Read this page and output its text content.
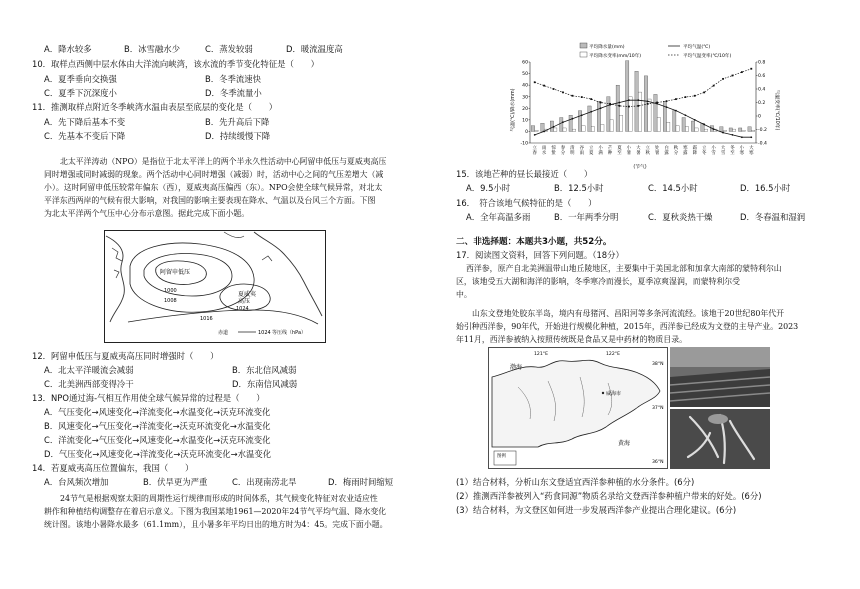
A．降水较多	B．冰雪融水少	C．蒸发较弱	D．暖流温度高
10．取样点西侧中层水体由大洋流向峡湾，该水流的季节变化特征是（　　）
A．夏季垂向交换强	B．冬季流速快
C．夏季下沉深度小	D．冬季流量小
11．推测取样点附近冬季峡湾水温由表层至底层的变化是（　　）
A．先下降后基本不变	B．先升高后下降
C．先基本不变后下降	D．持续缓慢下降
北太平洋涛动（NPO）是指位于北太平洋上的两个半永久性活动中心阿留申低压与夏威夷高压
同时增强或同时减弱的现象。两个活动中心同时增强（减弱）时，活动中心之间的气压差增大（减
小）。这时阿留申低压较常年偏东（西），夏威夷高压偏西（东）。NPO会使全球气候异常，对北太
平洋东西两岸的气候有很大影响，对我国的影响主要表现在降水、气温以及台风三个方面。下图
为北太平洋两个气压中心分布示意图。据此完成下面小题。
阿留申低压
夏威夷
高压
1000
1008
1024
1016
赤道	1024 等压线（hPa）
12．阿留申低压与夏威夷高压同时增强时（　　）
A．北太平洋暖流会减弱	B．东北信风减弱
C．北美洲西部变得冷干	D．东南信风减弱
13．NPO通过海-气相互作用使全球气候异常的过程是（　　）
A．气压变化→风速变化→洋流变化→水温变化→沃克环流变化
B．风速变化→气压变化→洋流变化→沃克环流变化→水温变化
C．洋流变化→气压变化→风速变化→水温变化→沃克环流变化
D．气压变化→风速变化→洋流变化→沃克环流变化→水温变化
14．若夏威夷高压位置偏东，我国（　　）
A．台风频次增加	B．伏旱更为严重	C．出现南涝北旱	D．梅雨时间缩短
24节气是根据观察太阳的周期性运行规律而形成的时间体系，其气候变化特征对农业适应性
耕作和种植结构调整存在着启示意义。下图为我国某地1961—2020年24节气平均气温、降水变化
统计图。该地小暑降水最多（61.1mm），且小暑多年平均日出的地方时为4：45。完成下面小题。
平均降水量(mm)
平均降水变率(mm/10年)
平均气温(℃)
平均气温变率(℃/10年)
气温(℃)/降水(mm)	气温变率(℃/10年)
60
50
40
30
20
10
0
-10
0.8
0.6
0.4
0.2
0
-0.2
-0.4
立春
雨水
惊蛰
春分
清明
谷雨
立夏
小满
芒种
夏至
小暑
大暑
立秋
处暑
白露
秋分
寒露
霜降
立冬
小雪
大雪
冬至
小寒
大寒
(节气)
15．该地芒种的昼长最接近（　　）
A．9.5小时	B．12.5小时	C．14.5小时	D．16.5小时
16．　符合该地气候特征的是（　　）
A．全年高温多雨	B．一年两季分明	C．夏秋炎热干燥	D．冬春温和湿润
二、非选择题：本题共3小题，共52分。
17．阅读图文资料，回答下列问题。（18分）
西洋参，原产自北美洲温带山地丘陵地区，主要集中于美国北部和加拿大南部的蒙特利尔山
区，该地受五大湖和海洋的影响，冬季寒冷而漫长，夏季凉爽湿润，而蒙特利尔受
中。
山东文登地处胶东半岛，境内有母猪河、昌阳河等多条河流流经。该地于20世纪80年代开
始引种西洋参，90年代，开始进行规模化种植，2015年，西洋参已经成为文登的主导产业。2023
年11月，西洋参被纳入按照传统既是食品又是中药材的物质目录。
渤海
黄海
威海市
121°E	122°E
38°N
37°N
36°N
图例
(1）结合材料，分析山东文登适宜西洋参种植的水分条件。(6分)
(2）推测西洋参被列入“药食同源”物质名录给文登西洋参种植户带来的好处。(6分)
(3）结合材料，为文登区如何进一步发展西洋参产业提出合理化建议。(6分)
